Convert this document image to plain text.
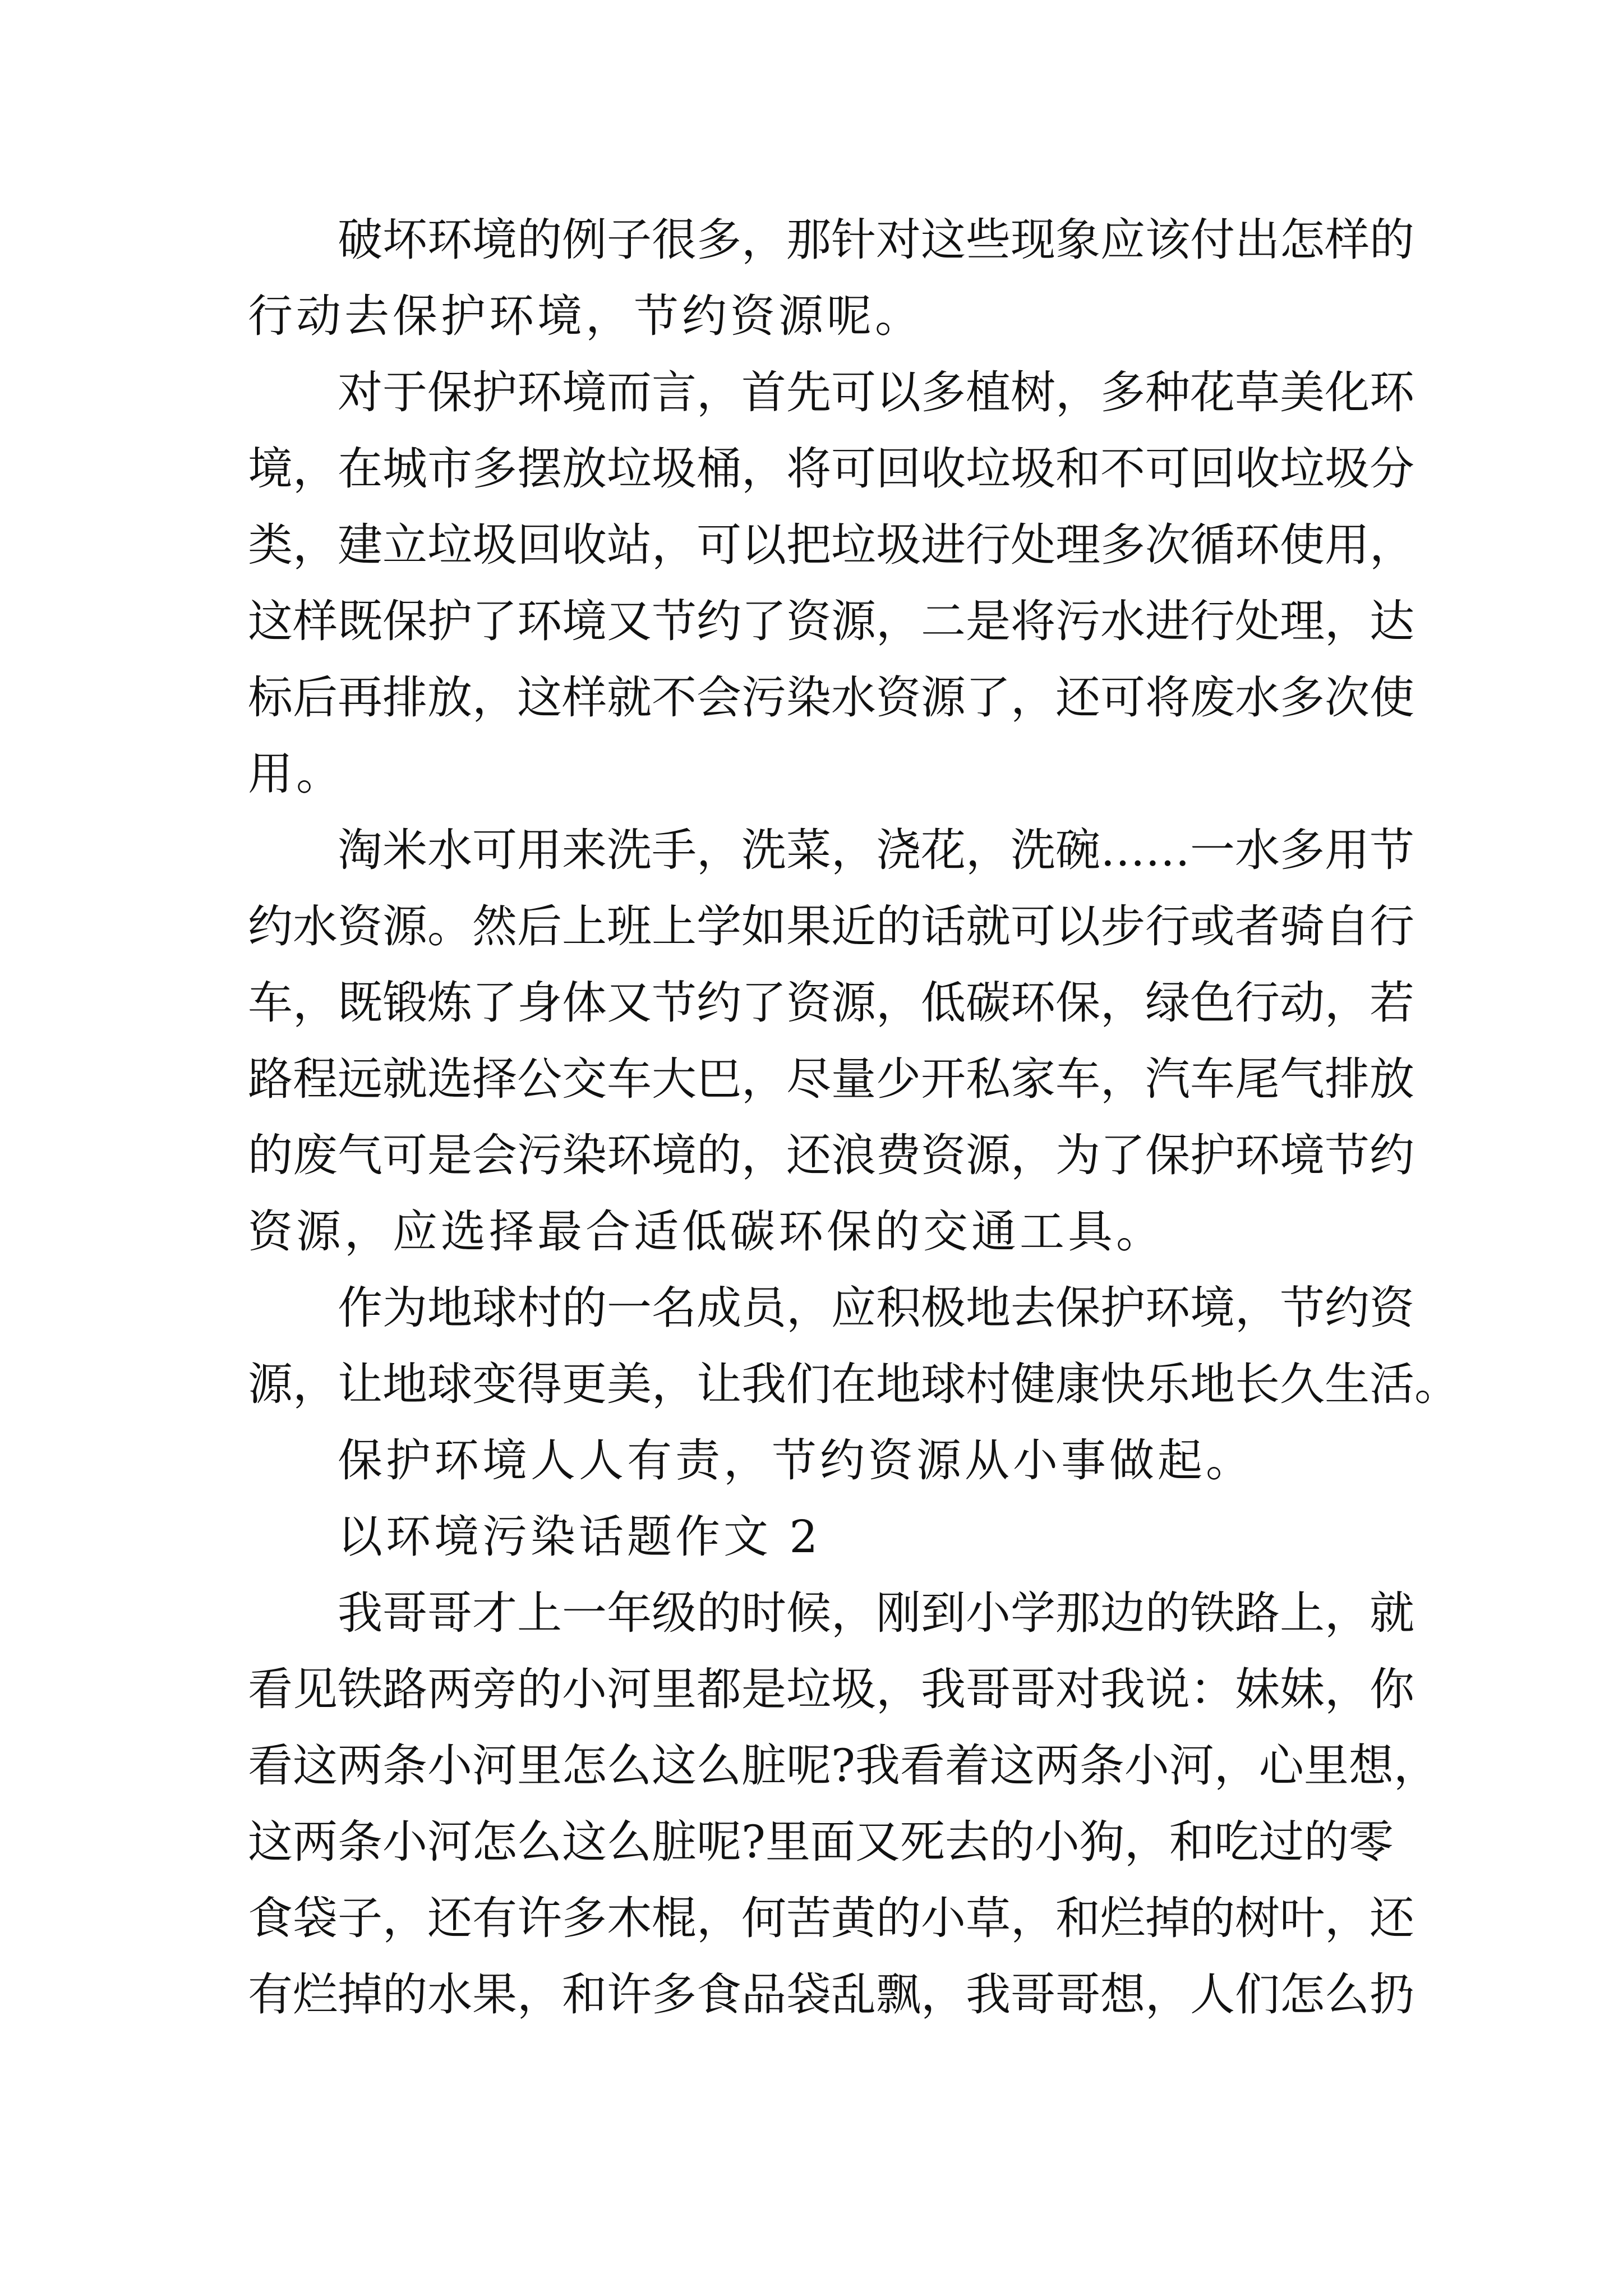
破坏环境的例子很多，那针对这些现象应该付出怎样的
行动去保护环境，节约资源呢。
对于保护环境而言，首先可以多植树，多种花草美化环
境，在城市多摆放垃圾桶，将可回收垃圾和不可回收垃圾分
类，建立垃圾回收站，可以把垃圾进行处理多次循环使用，
这样既保护了环境又节约了资源，二是将污水进行处理，达
标后再排放，这样就不会污染水资源了，还可将废水多次使
用。
淘米水可用来洗手，洗菜，浇花，洗碗……一水多用节
约水资源。然后上班上学如果近的话就可以步行或者骑自行
车，既锻炼了身体又节约了资源，低碳环保，绿色行动，若
路程远就选择公交车大巴，尽量少开私家车，汽车尾气排放
的废气可是会污染环境的，还浪费资源，为了保护环境节约
资源，应选择最合适低碳环保的交通工具。
作为地球村的一名成员，应积极地去保护环境，节约资
源，让地球变得更美，让我们在地球村健康快乐地长久生活。
保护环境人人有责，节约资源从小事做起。
以环境污染话题作文 2
我哥哥才上一年级的时候，刚到小学那边的铁路上，就
看见铁路两旁的小河里都是垃圾，我哥哥对我说：妹妹，你
看这两条小河里怎么这么脏呢?我看着这两条小河，心里想，
这两条小河怎么这么脏呢?里面又死去的小狗，和吃过的零
食袋子，还有许多木棍，何苦黄的小草，和烂掉的树叶，还
有烂掉的水果，和许多食品袋乱飘，我哥哥想，人们怎么扔
